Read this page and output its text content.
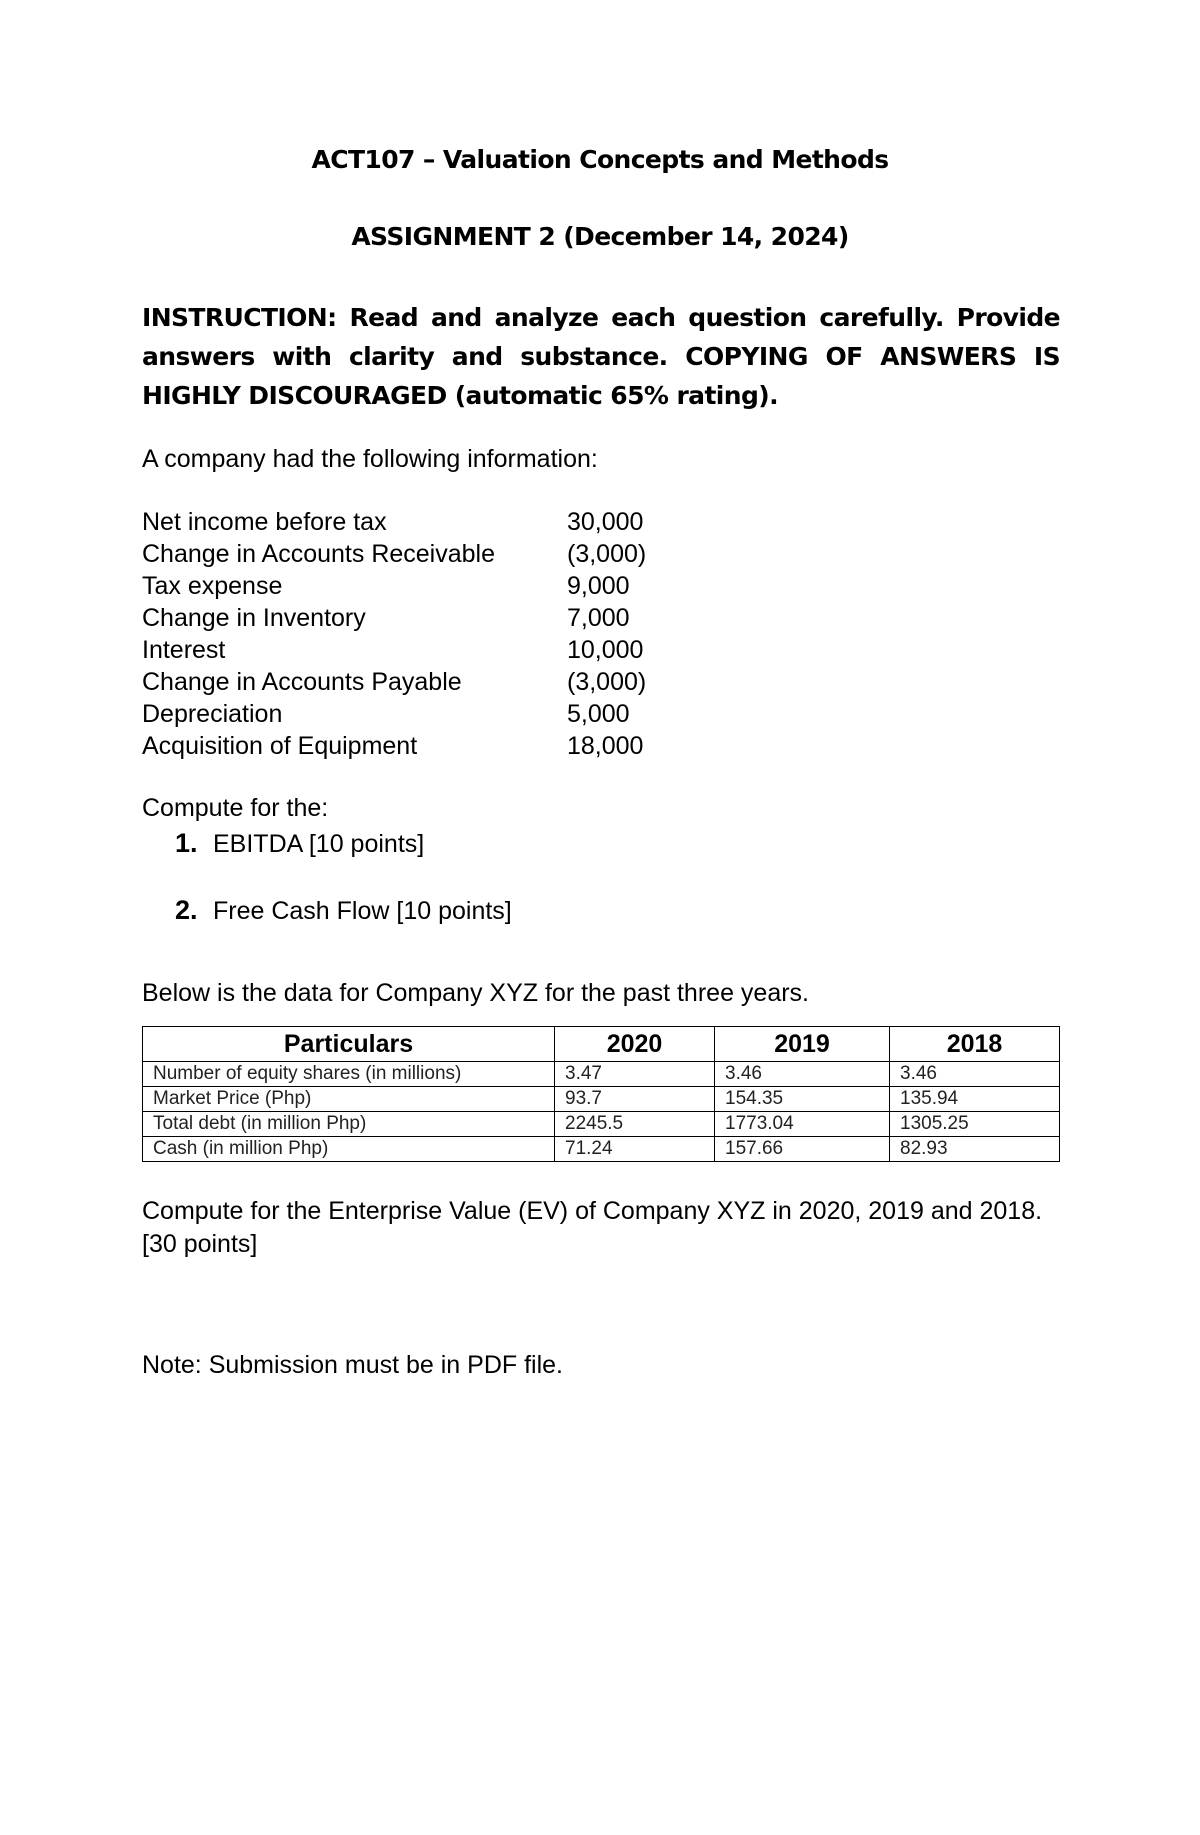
ACT107 – Valuation Concepts and Methods
ASSIGNMENT 2 (December 14, 2024)
INSTRUCTION: Read and analyze each question carefully. Provide answers with clarity and substance. COPYING OF ANSWERS IS HIGHLY DISCOURAGED (automatic 65% rating).
A company had the following information:
Net income before tax	30,000
Change in Accounts Receivable	(3,000)
Tax expense	9,000
Change in Inventory	7,000
Interest	10,000
Change in Accounts Payable	(3,000)
Depreciation	5,000
Acquisition of Equipment	18,000
Compute for the:
1. EBITDA [10 points]
2. Free Cash Flow [10 points]
Below is the data for Company XYZ for the past three years.
Particulars	2020	2019	2018
Number of equity shares (in millions)	3.47	3.46	3.46
Market Price (Php)	93.7	154.35	135.94
Total debt (in million Php)	2245.5	1773.04	1305.25
Cash (in million Php)	71.24	157.66	82.93
Compute for the Enterprise Value (EV) of Company XYZ in 2020, 2019 and 2018. [30 points]
Note: Submission must be in PDF file.
